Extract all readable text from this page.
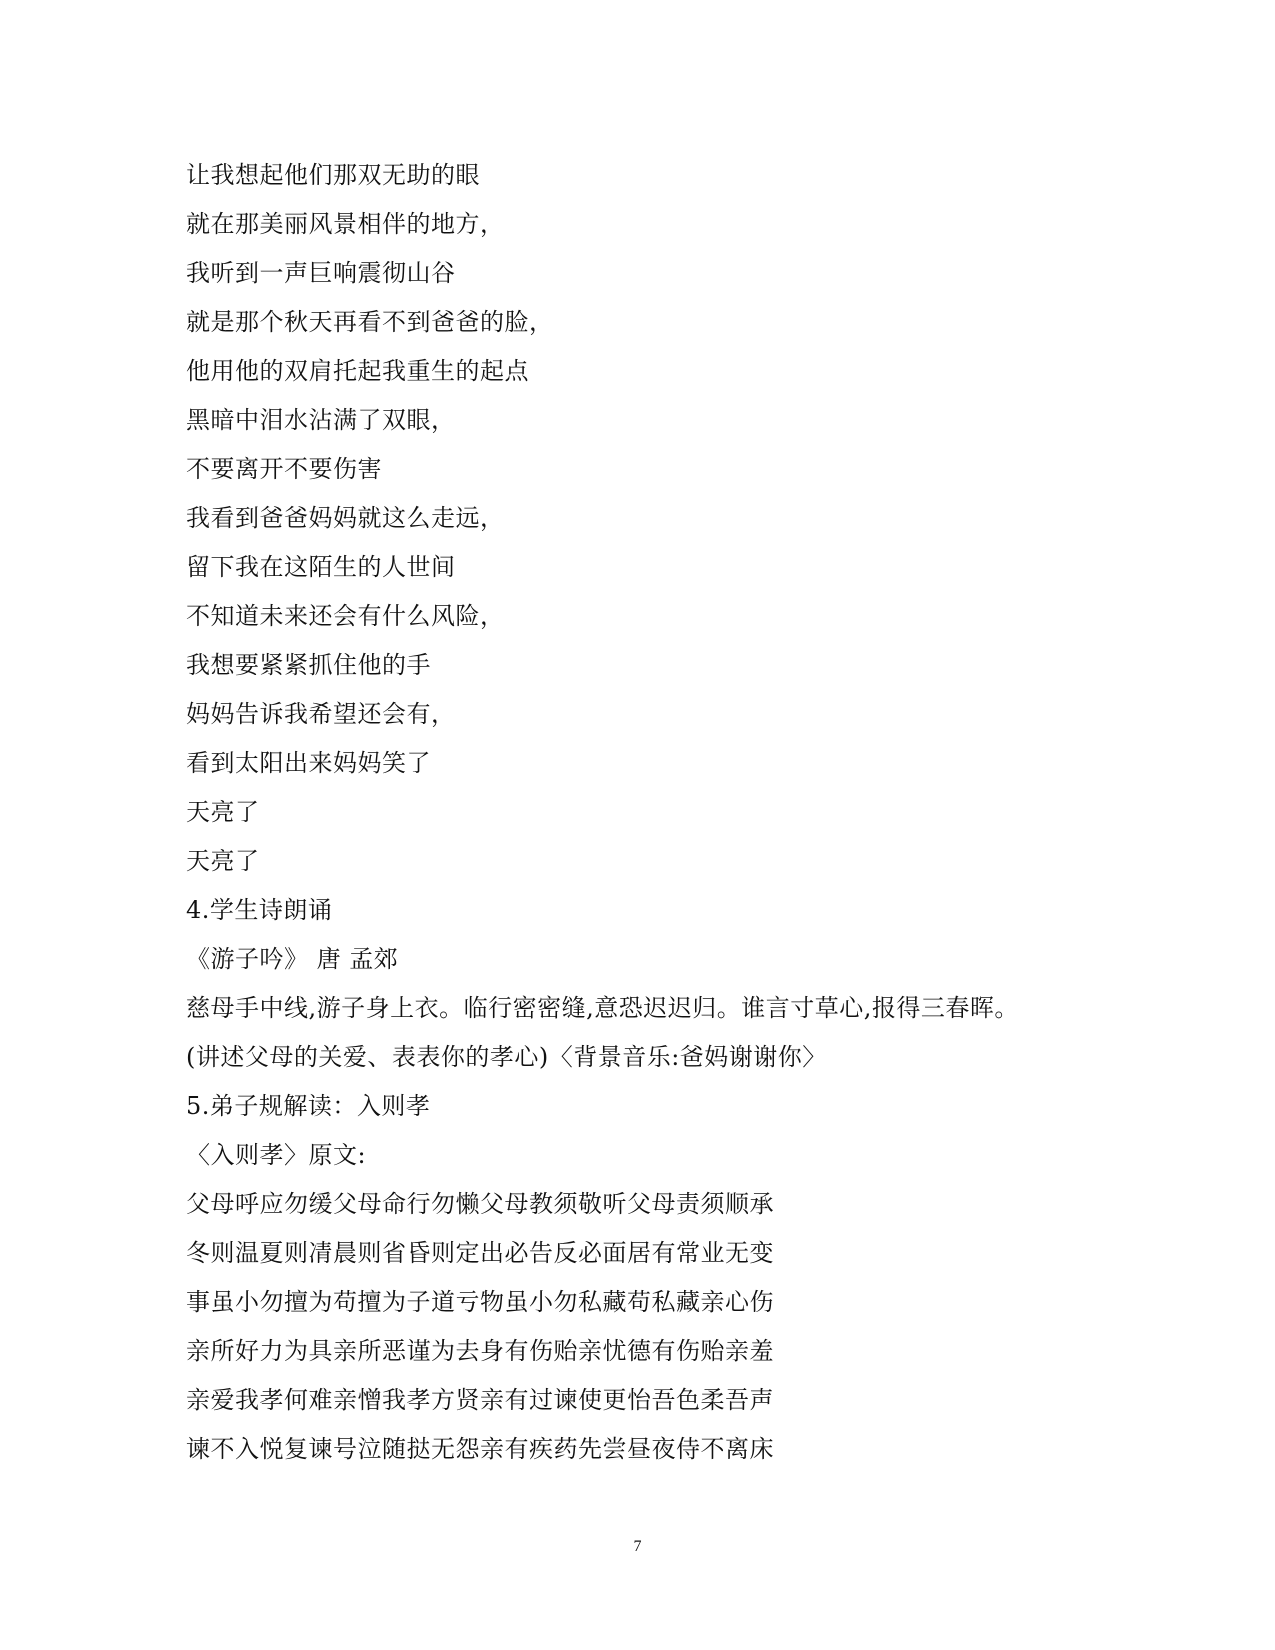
让我想起他们那双无助的眼
就在那美丽风景相伴的地方，
我听到一声巨响震彻山谷
就是那个秋天再看不到爸爸的脸，
他用他的双肩托起我重生的起点
黑暗中泪水沾满了双眼，
不要离开不要伤害
我看到爸爸妈妈就这么走远，
留下我在这陌生的人世间
不知道未来还会有什么风险，
我想要紧紧抓住他的手
妈妈告诉我希望还会有，
看到太阳出来妈妈笑了
天亮了
天亮了
4.学生诗朗诵
《游子吟》 唐 孟郊
慈母手中线,游子身上衣。临行密密缝,意恐迟迟归。谁言寸草心,报得三春晖。
(讲述父母的关爱、表表你的孝心)〈背景音乐:爸妈谢谢你〉
5.弟子规解读：入则孝
〈入则孝〉原文:
父母呼应勿缓父母命行勿懒父母教须敬听父母责须顺承
冬则温夏则凊晨则省昏则定出必告反必面居有常业无变
事虽小勿擅为苟擅为子道亏物虽小勿私藏苟私藏亲心伤
亲所好力为具亲所恶谨为去身有伤贻亲忧德有伤贻亲羞
亲爱我孝何难亲憎我孝方贤亲有过谏使更怡吾色柔吾声
谏不入悦复谏号泣随挞无怨亲有疾药先尝昼夜侍不离床
7
